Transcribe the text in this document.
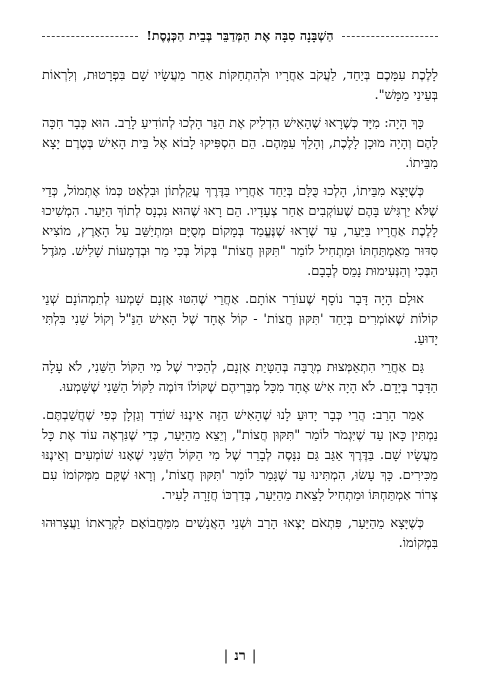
הַשְׁבָּנָה סִבָּה אֶת הַמְּדַבֵּר בְּבֵית הַכְּנֶסֶת!

לָלֶכֶת עִמָּכֶם בְּיַחַד, לַעֲקֹב אַחֲרָיו וּלְהִתְחַקּוֹת אַחַר מַעֲשָׂיו שָׁם בִּפְרָטוּת, וְלִרְאוֹת בְּעֵינַי מַמָּשׁ".

כָּךְ הָיָה: מִיָּד כְּשֶׁרָאוּ שֶׁהָאִישׁ הִדְלִיק אֶת הַנֵּר הָלְכוּ לְהוֹדִיעַ לָרַב. הוּא כְּבָר חִכָּה לָהֶם וְהָיָה מוּכָן לָלֶכֶת, וְהָלַךְ עִמָּהֶם. הֵם הִסְפִּיקוּ לָבוֹא אֶל בֵּית הָאִישׁ בְּטֶרֶם יָצָא מִבֵּיתוֹ.

כְּשֶׁיָּצָא מִבֵּיתוֹ, הָלְכוּ כֻּלָּם בְּיַחַד אַחֲרָיו בַּדֶּרֶךְ עֲקַלְתוֹן וּבִלְאַט כְּמוֹ אֶתְמוֹל, כְּדֵי שֶׁלֹּא יַרְגִּישׁ בָּהֶם שֶׁעוֹקְבִים אַחַר צְעָדָיו. הֵם רָאוּ שֶׁהוּא נִכְנָס לְתוֹךְ הַיַּעַר. הִמְשִׁיכוּ לָלֶכֶת אַחֲרָיו בַּיַּעַר, עַד שֶׁרָאוּ שֶׁנֶּעֱמַד בְּמָקוֹם מְסֻיָּם וּמִתְיַשֵּׁב עַל הָאָרֶץ, מוֹצִיא סִדּוּר מֵאַמְתַּחְתּוֹ וּמַתְחִיל לוֹמַר "תִּקּוּן חֲצוֹת" בְּקוֹל בְּכִי מַר וּבְדְמָעוֹת שָׁלִישׁ. מִגֹּדֶל הַבְּכִי וְהַנְּעִימוּת נָמֵס לְבָבָם.

אוּלָם הָיָה דָּבָר נוֹסָף שֶׁעוֹרֵר אוֹתָם. אַחֲרֵי שֶׁהִטּוּ אָזְנָם שָׁמְעוּ לְתִמְהוֹנָם שְׁנֵי קוֹלוֹת שֶׁאוֹמְרִים בְּיַחַד 'תִּקּוּן חֲצוֹת' - קוֹל אֶחָד שֶׁל הָאִישׁ הַנַּ"ל וְקוֹל שֵׁנִי בִּלְתִּי יָדוּעַ.

גַּם אַחֲרֵי הִתְאַמְּצוּת מְרֻבָּה בְּהַטָּיַת אָזְנָם, לְהַכִּיר שֶׁל מִי הַקּוֹל הַשֵּׁנִי, לֹא עָלָה הַדָּבָר בְּיָדָם. לֹא הָיָה אִישׁ אֶחָד מִכָּל מְבַּרְיהֶם שֶׁקּוֹלוֹ דּוֹמֶה לַקּוֹל הַשֵּׁנִי שֶׁשָּׁמְעוּ.

אָמַר הָרַב: הֲרֵי כְּבָר יָדוּעַ לָנוּ שֶׁהָאִישׁ הַזֶּה אֵינֶנּוּ שׁוֹדֵד וְגַזְלָן כְּפִי שֶׁחֲשַׁבְתֶּם. נַמְתִּין כָּאן עַד שֶׁיִּגְמֹר לוֹמַר "תִּקּוּן חֲצוֹת", וְיֵצֵא מֵהַיַּעַר, כְּדֵי שֶׁנִּרְאֶה עוֹד אֶת כָּל מַעֲשָׂיו שָׁם. בַּדֶּרֶךְ אַגַּב גַּם נִנָּסֶה לְבָרֵר שֶׁל מִי הַקּוֹל הַשֵּׁנִי שֶׁאָנוּ שׁוֹמְעִים וְאֵינֶנּוּ מַכִּירִים. כָּךְ עָשׂוּ, הִמְתִּינוּ עַד שֶׁגָּמַר לוֹמַר 'תִּקּוּן חֲצוֹת', וְרָאוּ שֶׁקָּם מִמְּקוֹמוֹ עִם צְרוֹר אַמְתַּחְתּוֹ וּמַתְחִיל לָצֵאת מֵהַיַּעַר, בְּדַרְכּוֹ חֲזָרָה לָעִיר.

כְּשֶׁיָּצָא מֵהַיַּעַר, פִּתְאֹם יָצְאוּ הָרַב וּשְׁנֵי הָאֲנָשִׁים מִמַּחֲבוֹאָם לִקְרָאתוֹ וַעֲצָרוּהוּ בִּמְקוֹמוֹ.

|רנ|
